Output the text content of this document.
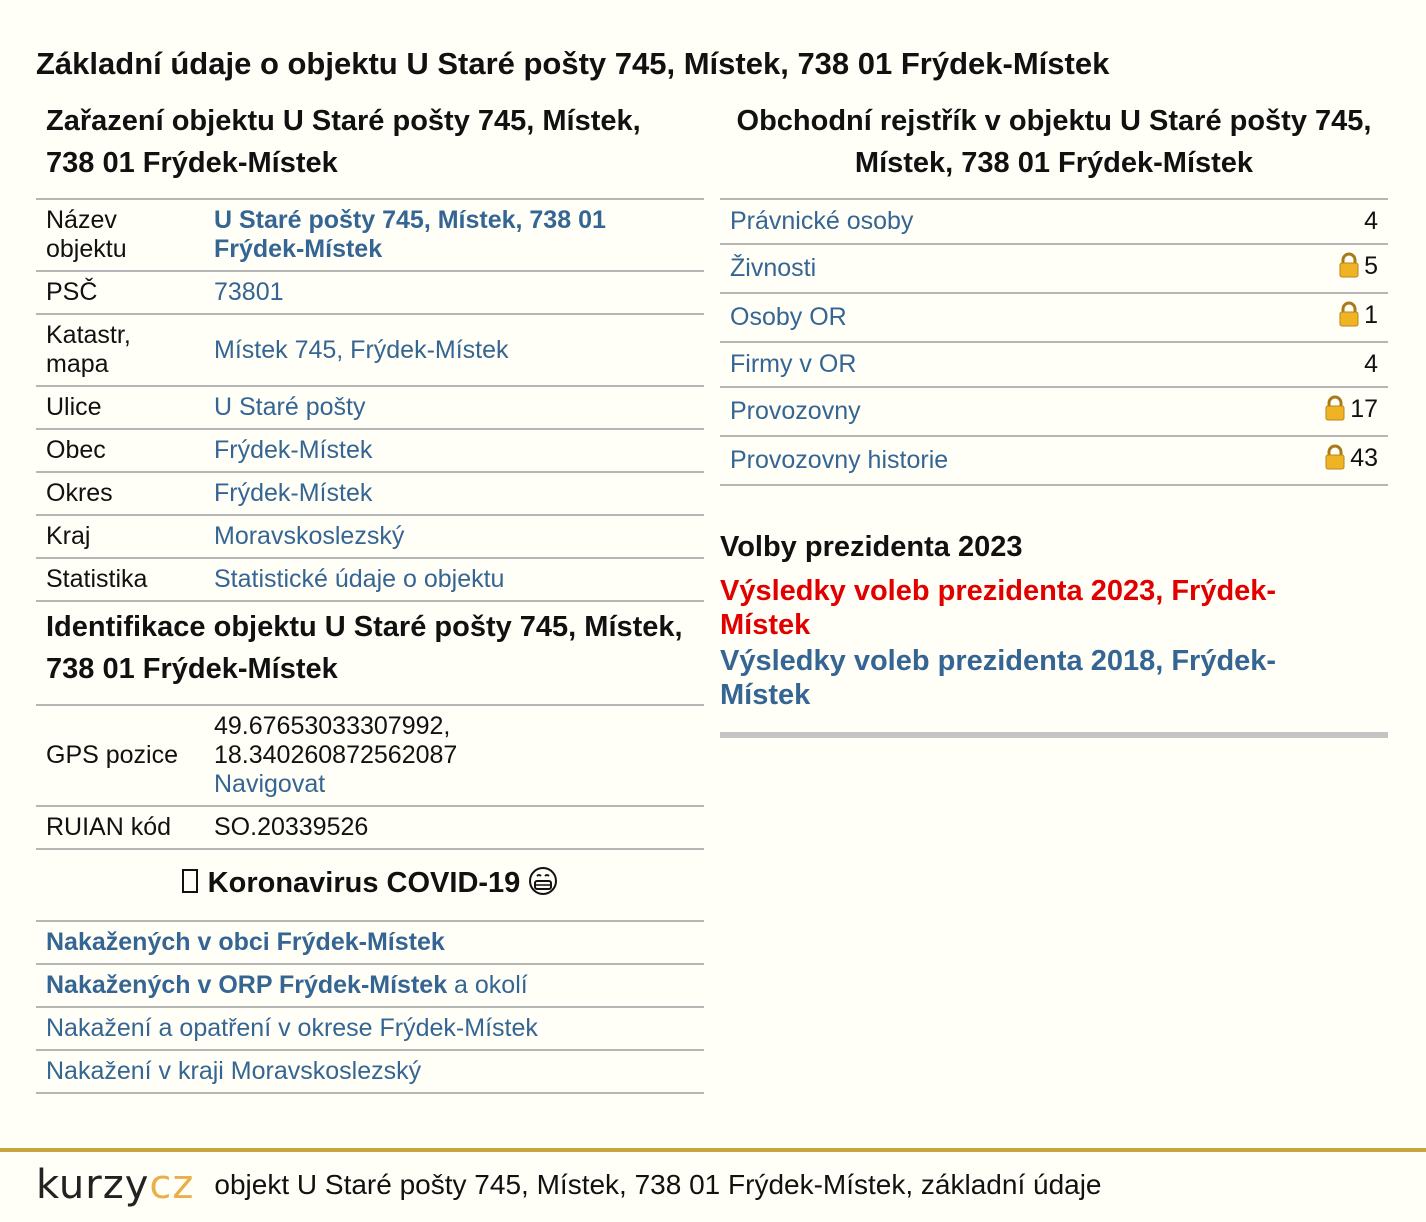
Základní údaje o objektu U Staré pošty 745, Místek, 738 01 Frýdek-Místek
Zařazení objektu U Staré pošty 745, Místek, 738 01 Frýdek-Místek
Název objektu	U Staré pošty 745, Místek, 738 01 Frýdek-Místek
PSČ	73801
Katastr, mapa	Místek 745, Frýdek-Místek
Ulice	U Staré pošty
Obec	Frýdek-Místek
Okres	Frýdek-Místek
Kraj	Moravskoslezský
Statistika	Statistické údaje o objektu
Identifikace objektu U Staré pošty 745, Místek, 738 01 Frýdek-Místek
GPS pozice	49.67653033307992,
18.340260872562087
Navigovat
RUIAN kód	SO.20339526
Koronavirus COVID-19
Nakažených v obci Frýdek-Místek
Nakažených v ORP Frýdek-Místek a okolí
Nakažení a opatření v okrese Frýdek-Místek
Nakažení v kraji Moravskoslezský
Obchodní rejstřík v objektu U Staré pošty 745, Místek, 738 01 Frýdek-Místek
Právnické osoby	4
Živnosti	5
Osoby OR	1
Firmy v OR	4
Provozovny	17
Provozovny historie	43
Volby prezidenta 2023
Výsledky voleb prezidenta 2023, Frýdek-Místek
Výsledky voleb prezidenta 2018, Frýdek-Místek
kurzycz objekt U Staré pošty 745, Místek, 738 01 Frýdek-Místek, základní údaje
